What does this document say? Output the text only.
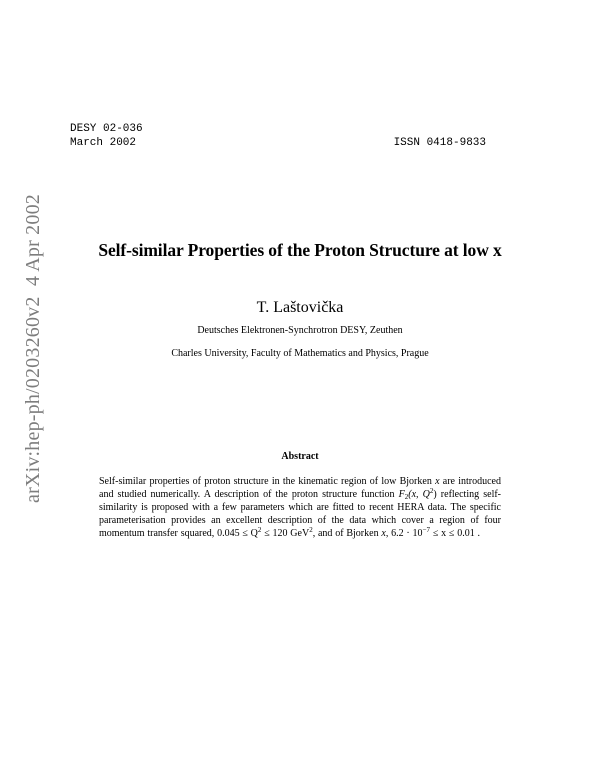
DESY 02-036
March 2002	ISSN 0418-9833
arXiv:hep-ph/0203260v2  4 Apr 2002	Self-similar Properties of the Proton Structure at low x
T. Laštovička
Deutsches Elektronen-Synchrotron DESY, Zeuthen
Charles University, Faculty of Mathematics and Physics, Prague
Abstract
Self-similar properties of proton structure in the kinematic region of low Bjorken x are introduced and studied numerically. A description of the proton structure function $F_2(x$, $Q^2$) reflecting self-similarity is proposed with a few parameters which are fitted to recent HERA data. The specific parameterisation provides an excellent description of the data which cover a region of four momentum transfer squared, $0.045 \le Q^2 \le 120$ GeV$^2$, and of Bjorken x, $6.2 \cdot 10^{-7} \le x \le 0.01$ .
